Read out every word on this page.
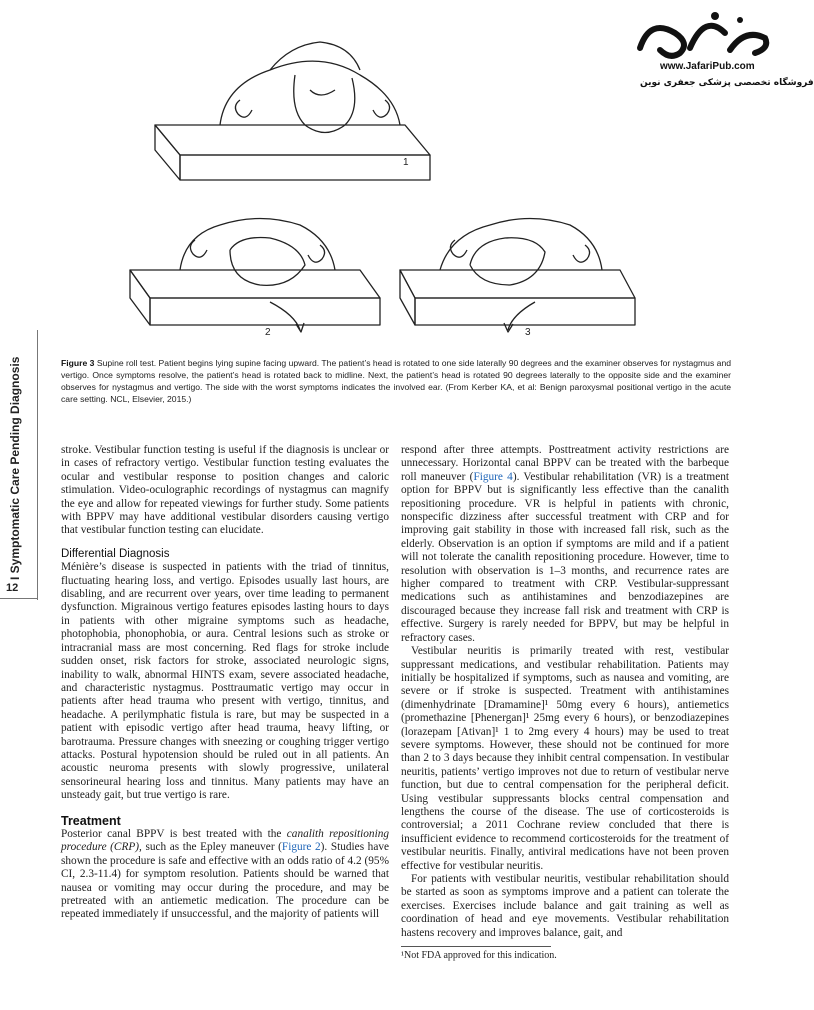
I Symptomatic Care Pending Diagnosis
12
www.JafariPub.com
فروشگاه تخصصی پزشکی جعفری نوین
1
2	3
Figure 3 Supine roll test. Patient begins lying supine facing upward. The patient’s head is rotated to one side laterally 90 degrees and the examiner observes for nystagmus and vertigo. Once symptoms resolve, the patient’s head is rotated back to midline. Next, the patient’s head is rotated 90 degrees laterally to the opposite side and the examiner observes for nystagmus and vertigo. The side with the worst symptoms indicates the involved ear. (From Kerber KA, et al: Benign paroxysmal positional vertigo in the acute care setting. NCL, Elsevier, 2015.)

stroke. Vestibular function testing is useful if the diagnosis is unclear or in cases of refractory vertigo. Vestibular function testing evaluates the ocular and vestibular response to position changes and caloric stimulation. Video-oculographic recordings of nystagmus can magnify the eye and allow for repeated viewings for further study. Some patients with BPPV may have additional vestibular disorders causing vertigo that vestibular function testing can elucidate.

Differential Diagnosis

Ménière’s disease is suspected in patients with the triad of tinnitus, fluctuating hearing loss, and vertigo. Episodes usually last hours, are disabling, and are recurrent over years, over time leading to permanent dysfunction. Migrainous vertigo features episodes lasting hours to days in patients with other migraine symptoms such as headache, photophobia, phonophobia, or aura. Central lesions such as stroke or intracranial mass are most concerning. Red flags for stroke include sudden onset, risk factors for stroke, associated neurologic signs, inability to walk, abnormal HINTS exam, severe associated headache, and characteristic nystagmus. Posttraumatic vertigo may occur in patients after head trauma who present with vertigo, tinnitus, and headache. A perilymphatic fistula is rare, but may be suspected in a patient with episodic vertigo after head trauma, heavy lifting, or barotrauma. Pressure changes with sneezing or coughing trigger vertigo attacks. Postural hypotension should be ruled out in all patients. An acoustic neuroma presents with slowly progressive, unilateral sensorineural hearing loss and tinnitus. Many patients may have an unsteady gait, but true vertigo is rare.

Treatment

Posterior canal BPPV is best treated with the canalith repositioning procedure (CRP), such as the Epley maneuver (Figure 2). Studies have shown the procedure is safe and effective with an odds ratio of 4.2 (95% CI, 2.3-11.4) for symptom resolution. Patients should be warned that nausea or vomiting may occur during the procedure, and may be pretreated with an antiemetic medication. The procedure can be repeated immediately if unsuccessful, and the majority of patients will

respond after three attempts. Posttreatment activity restrictions are unnecessary. Horizontal canal BPPV can be treated with the barbeque roll maneuver (Figure 4). Vestibular rehabilitation (VR) is a treatment option for BPPV but is significantly less effective than the canalith repositioning procedure. VR is helpful in patients with chronic, nonspecific dizziness after successful treatment with CRP and for improving gait stability in those with increased fall risk, such as the elderly. Observation is an option if symptoms are mild and if a patient will not tolerate the canalith repositioning procedure. However, time to resolution with observation is 1–3 months, and recurrence rates are higher compared to treatment with CRP. Vestibular-suppressant medications such as antihistamines and benzodiazepines are discouraged because they increase fall risk and treatment with CRP is effective. Surgery is rarely needed for BPPV, but may be helpful in refractory cases.

Vestibular neuritis is primarily treated with rest, vestibular suppressant medications, and vestibular rehabilitation. Patients may initially be hospitalized if symptoms, such as nausea and vomiting, are severe or if stroke is suspected. Treatment with antihistamines (dimenhydrinate [Dramamine]¹ 50mg every 6 hours), antiemetics (promethazine [Phenergan]¹ 25mg every 6 hours), or benzodiazepines (lorazepam [Ativan]¹ 1 to 2mg every 4 hours) may be used to treat severe symptoms. However, these should not be continued for more than 2 to 3 days because they inhibit central compensation. In vestibular neuritis, patients’ vertigo improves not due to return of vestibular nerve function, but due to central compensation for the peripheral deficit. Using vestibular suppressants blocks central compensation and lengthens the course of the disease. The use of corticosteroids is controversial; a 2011 Cochrane review concluded that there is insufficient evidence to recommend corticosteroids for the treatment of vestibular neuritis. Finally, antiviral medications have not been proven effective for vestibular neuritis.

For patients with vestibular neuritis, vestibular rehabilitation should be started as soon as symptoms improve and a patient can tolerate the exercises. Exercises include balance and gait training as well as coordination of head and eye movements. Vestibular rehabilitation hastens recovery and improves balance, gait, and

¹Not FDA approved for this indication.
